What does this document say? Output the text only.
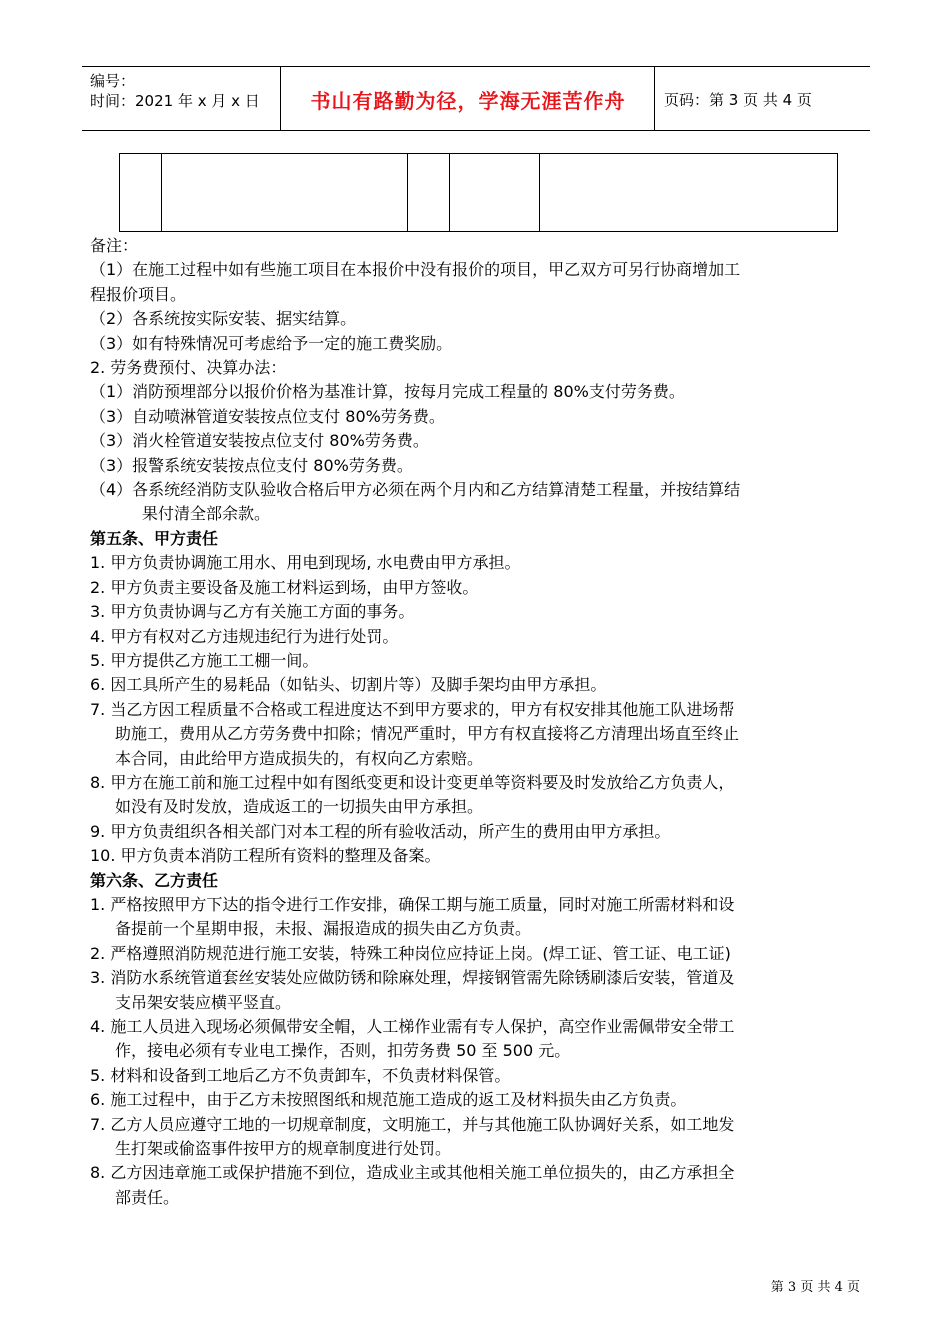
编号：
时间：2021 年 x 月 x 日	书山有路勤为径，学海无涯苦作舟	页码：第 3 页 共 4 页
备注：
（1）在施工过程中如有些施工项目在本报价中没有报价的项目，甲乙双方可另行协商增加工
程报价项目。
（2）各系统按实际安装、据实结算。
（3）如有特殊情况可考虑给予一定的施工费奖励。
2. 劳务费预付、决算办法：
（1）消防预埋部分以报价价格为基准计算，按每月完成工程量的 80%支付劳务费。
（3）自动喷淋管道安装按点位支付 80%劳务费。
（3）消火栓管道安装按点位支付 80%劳务费。
（3）报警系统安装按点位支付 80%劳务费。
（4）各系统经消防支队验收合格后甲方必须在两个月内和乙方结算清楚工程量，并按结算结
果付清全部余款。
第五条、甲方责任
1. 甲方负责协调施工用水、用电到现场, 水电费由甲方承担。
2. 甲方负责主要设备及施工材料运到场，由甲方签收。
3. 甲方负责协调与乙方有关施工方面的事务。
4. 甲方有权对乙方违规违纪行为进行处罚。
5. 甲方提供乙方施工工棚一间。
6. 因工具所产生的易耗品（如钻头、切割片等）及脚手架均由甲方承担。
7. 当乙方因工程质量不合格或工程进度达不到甲方要求的，甲方有权安排其他施工队进场帮
助施工，费用从乙方劳务费中扣除；情况严重时，甲方有权直接将乙方清理出场直至终止
本合同，由此给甲方造成损失的，有权向乙方索赔。
8. 甲方在施工前和施工过程中如有图纸变更和设计变更单等资料要及时发放给乙方负责人，
如没有及时发放，造成返工的一切损失由甲方承担。
9. 甲方负责组织各相关部门对本工程的所有验收活动，所产生的费用由甲方承担。
10. 甲方负责本消防工程所有资料的整理及备案。
第六条、乙方责任
1. 严格按照甲方下达的指令进行工作安排，确保工期与施工质量，同时对施工所需材料和设
备提前一个星期申报，未报、漏报造成的损失由乙方负责。
2. 严格遵照消防规范进行施工安装，特殊工种岗位应持证上岗。(焊工证、管工证、电工证)
3. 消防水系统管道套丝安装处应做防锈和除麻处理，焊接钢管需先除锈刷漆后安装，管道及
支吊架安装应横平竖直。
4. 施工人员进入现场必须佩带安全帽，人工梯作业需有专人保护，高空作业需佩带安全带工
作，接电必须有专业电工操作，否则，扣劳务费 50 至 500 元。
5. 材料和设备到工地后乙方不负责卸车，不负责材料保管。
6. 施工过程中，由于乙方未按照图纸和规范施工造成的返工及材料损失由乙方负责。
7. 乙方人员应遵守工地的一切规章制度，文明施工，并与其他施工队协调好关系，如工地发
生打架或偷盗事件按甲方的规章制度进行处罚。
8. 乙方因违章施工或保护措施不到位，造成业主或其他相关施工单位损失的，由乙方承担全
部责任。
第 3 页 共 4 页
